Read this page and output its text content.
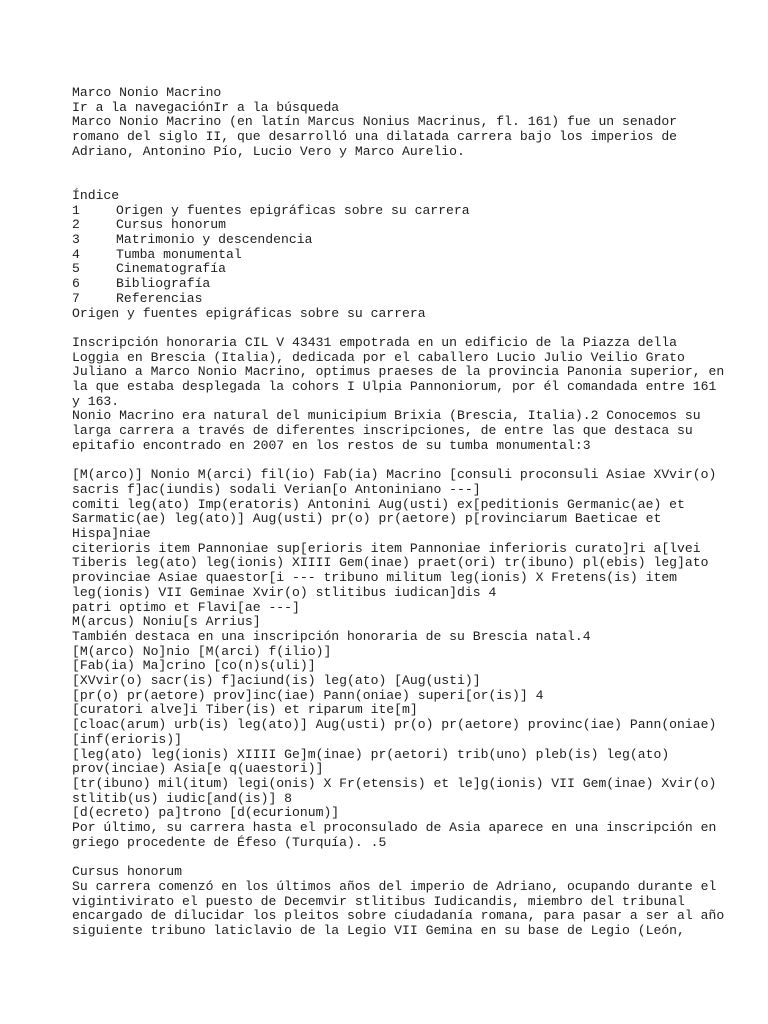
Marco Nonio Macrino
Ir a la navegaciónIr a la búsqueda
Marco Nonio Macrino (en latín Marcus Nonius Macrinus, fl. 161) fue un senador
romano del siglo II, que desarrolló una dilatada carrera bajo los imperios de
Adriano, Antonino Pío, Lucio Vero y Marco Aurelio.
Índice
1	Origen y fuentes epigráficas sobre su carrera
2	Cursus honorum
3	Matrimonio y descendencia
4	Tumba monumental
5	Cinematografía
6	Bibliografía
7	Referencias
Origen y fuentes epigráficas sobre su carrera
Inscripción honoraria CIL V 43431 empotrada en un edificio de la Piazza della
Loggia en Brescia (Italia), dedicada por el caballero Lucio Julio Veilio Grato
Juliano a Marco Nonio Macrino, optimus praeses de la provincia Panonia superior, en
la que estaba desplegada la cohors I Ulpia Pannoniorum, por él comandada entre 161
y 163.
Nonio Macrino era natural del municipium Brixia (Brescia, Italia).2 Conocemos su
larga carrera a través de diferentes inscripciones, de entre las que destaca su
epitafio encontrado en 2007 en los restos de su tumba monumental:3
[M(arco)] Nonio M(arci) fil(io) Fab(ia) Macrino [consuli proconsuli Asiae XVvir(o)
sacris f]ac(iundis) sodali Verian[o Antoniniano ---]
comiti leg(ato) Imp(eratoris) Antonini Aug(usti) ex[peditionis Germanic(ae) et
Sarmatic(ae) leg(ato)] Aug(usti) pr(o) pr(aetore) p[rovinciarum Baeticae et
Hispa]niae
citerioris item Pannoniae sup[erioris item Pannoniae inferioris curato]ri a[lvei
Tiberis leg(ato) leg(ionis) XIIII Gem(inae) praet(ori) tr(ibuno) pl(ebis) leg]ato
provinciae Asiae quaestor[i --- tribuno militum leg(ionis) X Fretens(is) item
leg(ionis) VII Geminae Xvir(o) stlitibus iudican]dis 4
patri optimo et Flavi[ae ---]
M(arcus) Noniu[s Arrius]
También destaca en una inscripción honoraria de su Brescia natal.4
[M(arco) No]nio [M(arci) f(ilio)]
[Fab(ia) Ma]crino [co(n)s(uli)]
[XVvir(o) sacr(is) f]aciund(is) leg(ato) [Aug(usti)]
[pr(o) pr(aetore) prov]inc(iae) Pann(oniae) superi[or(is)] 4
[curatori alve]i Tiber(is) et riparum ite[m]
[cloac(arum) urb(is) leg(ato)] Aug(usti) pr(o) pr(aetore) provinc(iae) Pann(oniae)
[inf(erioris)]
[leg(ato) leg(ionis) XIIII Ge]m(inae) pr(aetori) trib(uno) pleb(is) leg(ato)
prov(inciae) Asia[e q(uaestori)]
[tr(ibuno) mil(itum) legi(onis) X Fr(etensis) et le]g(ionis) VII Gem(inae) Xvir(o)
stlitib(us) iudic[and(is)] 8
[d(ecreto) pa]trono [d(ecurionum)]
Por último, su carrera hasta el proconsulado de Asia aparece en una inscripción en
griego procedente de Éfeso (Turquía). .5
Cursus honorum
Su carrera comenzó en los últimos años del imperio de Adriano, ocupando durante el
vigintivirato el puesto de Decemvir stlitibus Iudicandis, miembro del tribunal
encargado de dilucidar los pleitos sobre ciudadanía romana, para pasar a ser al año
siguiente tribuno laticlavio de la Legio VII Gemina en su base de Legio (León,
